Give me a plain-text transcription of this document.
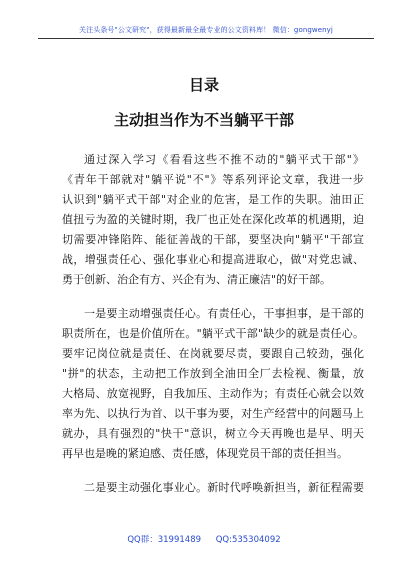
关注头条号"公文研究"，获得最新最全最专业的公文资料库！ 微信：gongwenyj
目录
主动担当作为不当躺平干部
通过深入学习《看看这些不推不动的"躺平式干部"》
《青年干部就对"躺平说"不"》等系列评论文章，我进一步
认识到"躺平式干部"对企业的危害，是工作的失职。油田正
值扭亏为盈的关键时期，我厂也正处在深化改革的机遇期，迫
切需要冲锋陷阵、能征善战的干部，要坚决向"躺平"干部宣
战，增强责任心、强化事业心和提高进取心，做"对党忠诚、
勇于创新、治企有方、兴企有为、清正廉洁"的好干部。
一是要主动增强责任心。有责任心，干事担事，是干部的
职责所在，也是价值所在。"躺平式干部"缺少的就是责任心。
要牢记岗位就是责任、在岗就要尽责，要跟自己较劲，强化
"拼"的状态，主动把工作放到全油田全厂去检视、衡量，放
大格局、放宽视野，自我加压、主动作为；有责任心就会以效
率为先、以执行为首、以干事为要，对生产经营中的问题马上
就办，具有强烈的"快干"意识，树立今天再晚也是早、明天
再早也是晚的紧迫感、责任感，体现党员干部的责任担当。
二是要主动强化事业心。新时代呼唤新担当，新征程需要
QQ群：31991489 QQ:535304092
